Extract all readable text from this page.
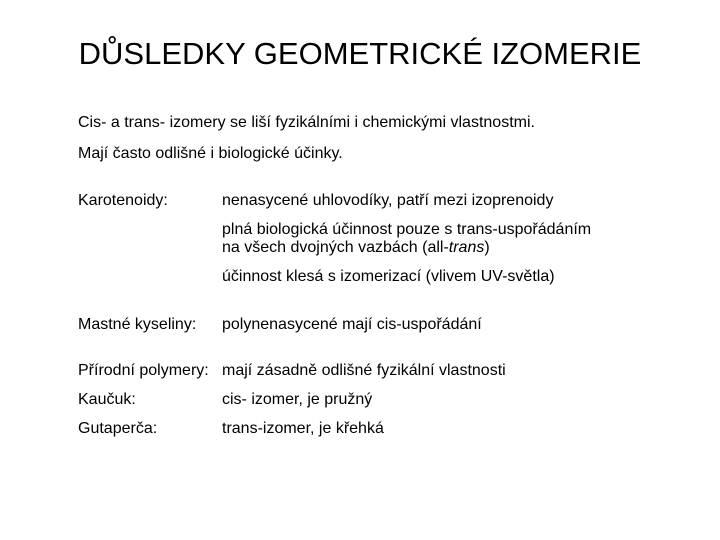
DŮSLEDKY GEOMETRICKÉ IZOMERIE
Cis- a trans- izomery se liší fyzikálními i chemickými vlastnostmi.
Mají často odlišné i biologické účinky.
Karotenoidy:	nenasycené uhlovodíky, patří mezi izoprenoidy
plná biologická účinnost pouze s trans-uspořádáním
na všech dvojných vazbách (all-trans)
účinnost klesá s izomerizací (vlivem UV-světla)
Mastné kyseliny: polynenasycené mají cis-uspořádání
Přírodní polymery: mají zásadně odlišné fyzikální vlastnosti
Kaučuk:	cis- izomer, je pružný
Gutaperča:	trans-izomer, je křehká
